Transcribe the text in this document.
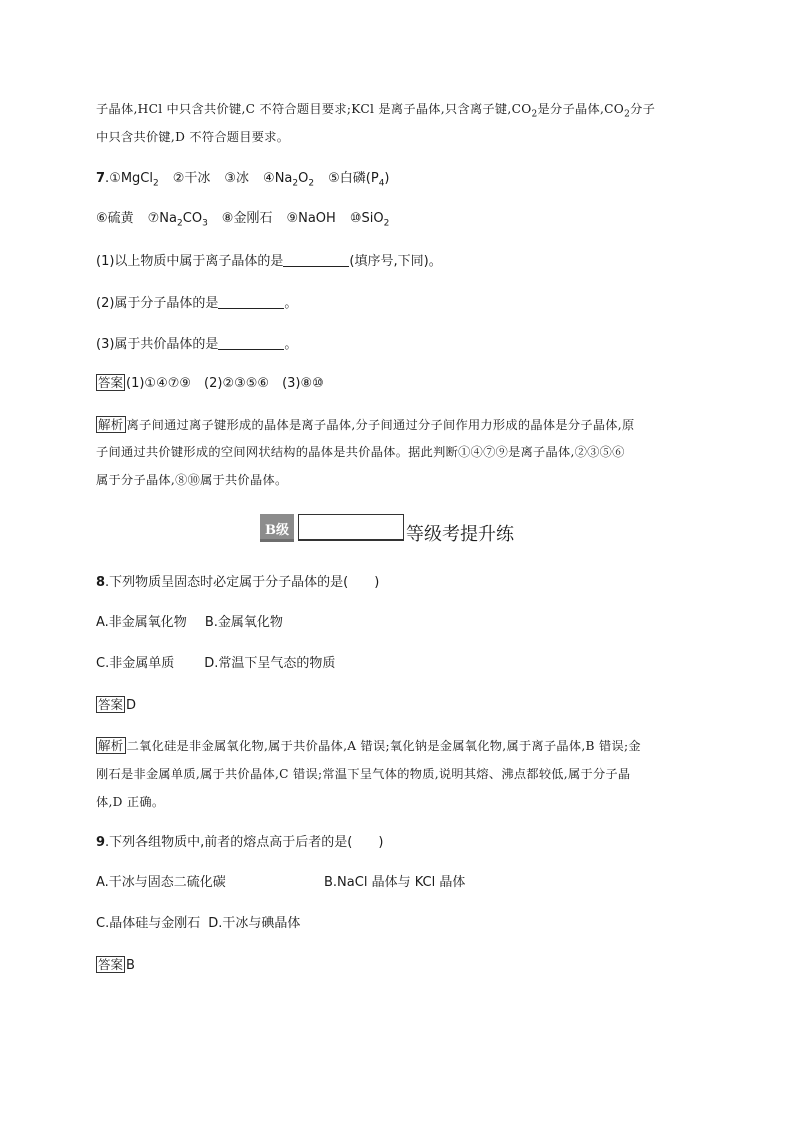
子晶体,HCl 中只含共价键,C 不符合题目要求;KCl 是离子晶体,只含离子键$,CO_2$是分子晶体$,CO_2$分子
中只含共价键,D 不符合题目要求。
7.①MgCl$_2$ ②干冰 ③冰 $④Na_2O_2$ ⑤白磷$(P_4)$
⑥硫黄 $⑦Na_2CO_3$ ⑧金刚石 ⑨NaOH ⑩SiO$_2$
(1)以上物质中属于离子晶体的是	(填序号,下同)。
(2)属于分子晶体的是	。
(3)属于共价晶体的是	。
答案 (1)①④⑦⑨　(2)②③⑤⑥　(3)⑧⑩
解析 离子间通过离子键形成的晶体是离子晶体,分子间通过分子间作用力形成的晶体是分子晶体,原
子间通过共价键形成的空间网状结构的晶体是共价晶体。据此判断①④⑦⑨是离子晶体,②③⑤⑥
属于分子晶体,⑧⑩属于共价晶体。
B级	等级考提升练
8.下列物质呈固态时必定属于分子晶体的是(　　)
A.非金属氧化物 B.金属氧化物
C.非金属单质 D.常温下呈气态的物质
答案 D
解析 二氧化硅是非金属氧化物,属于共价晶体,A 错误;氧化钠是金属氧化物,属于离子晶体,B 错误;金
刚石是非金属单质,属于共价晶体,C 错误;常温下呈气体的物质,说明其熔、沸点都较低,属于分子晶
体,D 正确。
9.下列各组物质中,前者的熔点高于后者的是(　　)
A.干冰与固态二硫化碳	B.NaCl 晶体与 KCl 晶体
C.晶体硅与金刚石 D.干冰与碘晶体
答案 B
